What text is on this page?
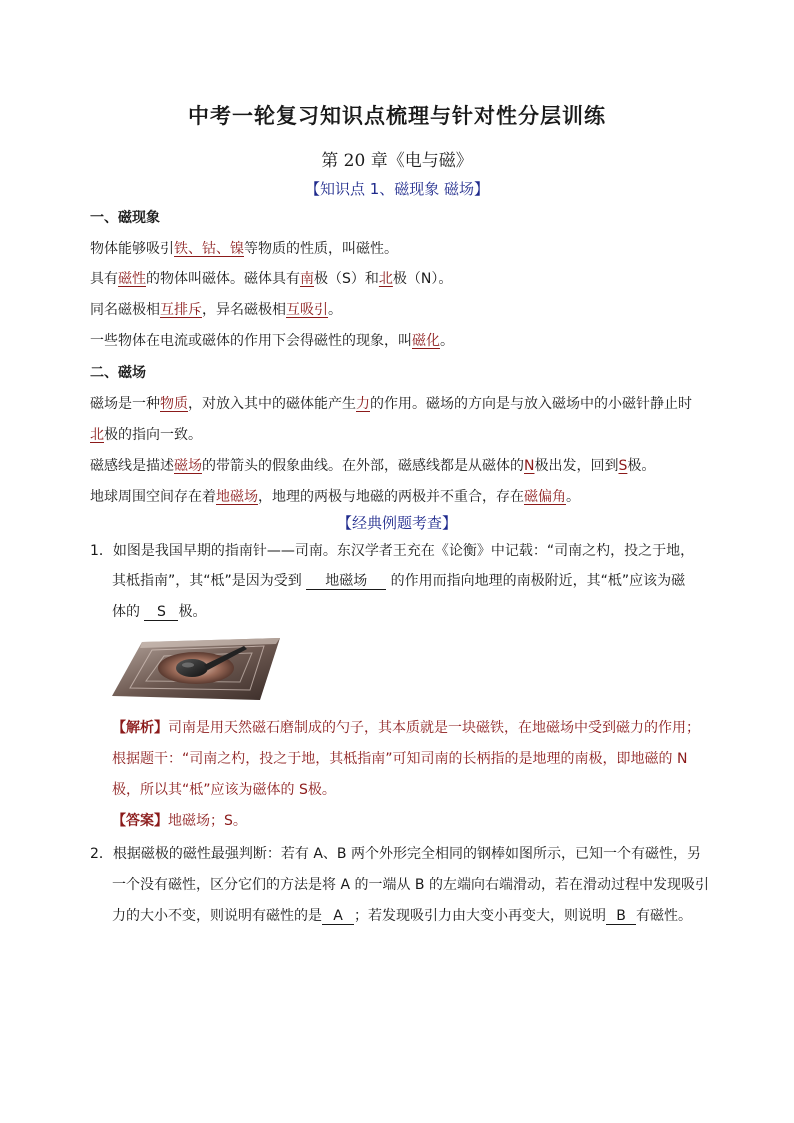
中考一轮复习知识点梳理与针对性分层训练
第 20 章《电与磁》
【知识点 1、磁现象 磁场】
一、磁现象
物体能够吸引铁、钴、镍等物质的性质，叫磁性。
具有磁性的物体叫磁体。磁体具有南极（S）和北极（N）。
同名磁极相互排斥，异名磁极相互吸引。
一些物体在电流或磁体的作用下会得磁性的现象，叫磁化。
二、磁场
磁场是一种物质，对放入其中的磁体能产生力的作用。磁场的方向是与放入磁场中的小磁针静止时
北极的指向一致。
磁感线是描述磁场的带箭头的假象曲线。在外部，磁感线都是从磁体的N极出发，回到S极。
地球周围空间存在着地磁场，地理的两极与地磁的两极并不重合，存在磁偏角。
【经典例题考查】
1．如图是我国早期的指南针——司南。东汉学者王充在《论衡》中记载：“司南之杓，投之于地，
其柢指南”，其“柢”是因为受到 地磁场 的作用而指向地理的南极附近，其“柢”应该为磁
体的 S 极。
【解析】司南是用天然磁石磨制成的勺子，其本质就是一块磁铁，在地磁场中受到磁力的作用；
根据题干：“司南之杓，投之于地，其柢指南”可知司南的长柄指的是地理的南极，即地磁的 N
极，所以其“柢”应该为磁体的 S极。
【答案】地磁场；S。
2．根据磁极的磁性最强判断：若有 A、B 两个外形完全相同的钢棒如图所示，已知一个有磁性，另
一个没有磁性，区分它们的方法是将 A 的一端从 B 的左端向右端滑动，若在滑动过程中发现吸引
力的大小不变，则说明有磁性的是 A ；若发现吸引力由大变小再变大，则说明 B 有磁性。
